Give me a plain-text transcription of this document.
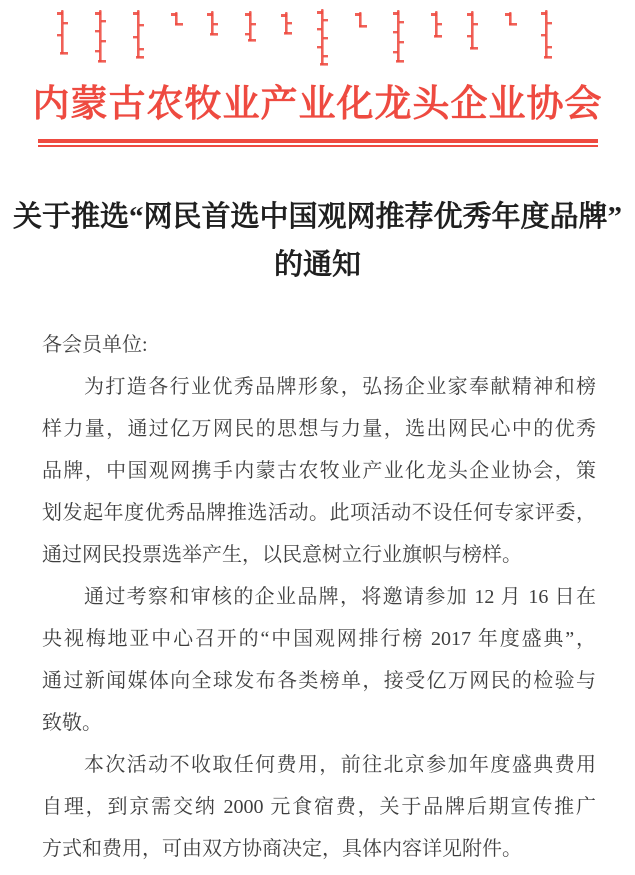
内蒙古农牧业产业化龙头企业协会
关于推选“网民首选中国观网推荐优秀年度品牌”
的通知
各会员单位:
为打造各行业优秀品牌形象，弘扬企业家奉献精神和榜
样力量，通过亿万网民的思想与力量，选出网民心中的优秀
品牌，中国观网携手内蒙古农牧业产业化龙头企业协会，策
划发起年度优秀品牌推选活动。此项活动不设任何专家评委，
通过网民投票选举产生，以民意树立行业旗帜与榜样。
通过考察和审核的企业品牌，将邀请参加 12 月 16 日在
央视梅地亚中心召开的“中国观网排行榜 2017 年度盛典”，
通过新闻媒体向全球发布各类榜单，接受亿万网民的检验与
致敬。
本次活动不收取任何费用，前往北京参加年度盛典费用
自理，到京需交纳 2000 元食宿费，关于品牌后期宣传推广
方式和费用，可由双方协商决定，具体内容详见附件。
